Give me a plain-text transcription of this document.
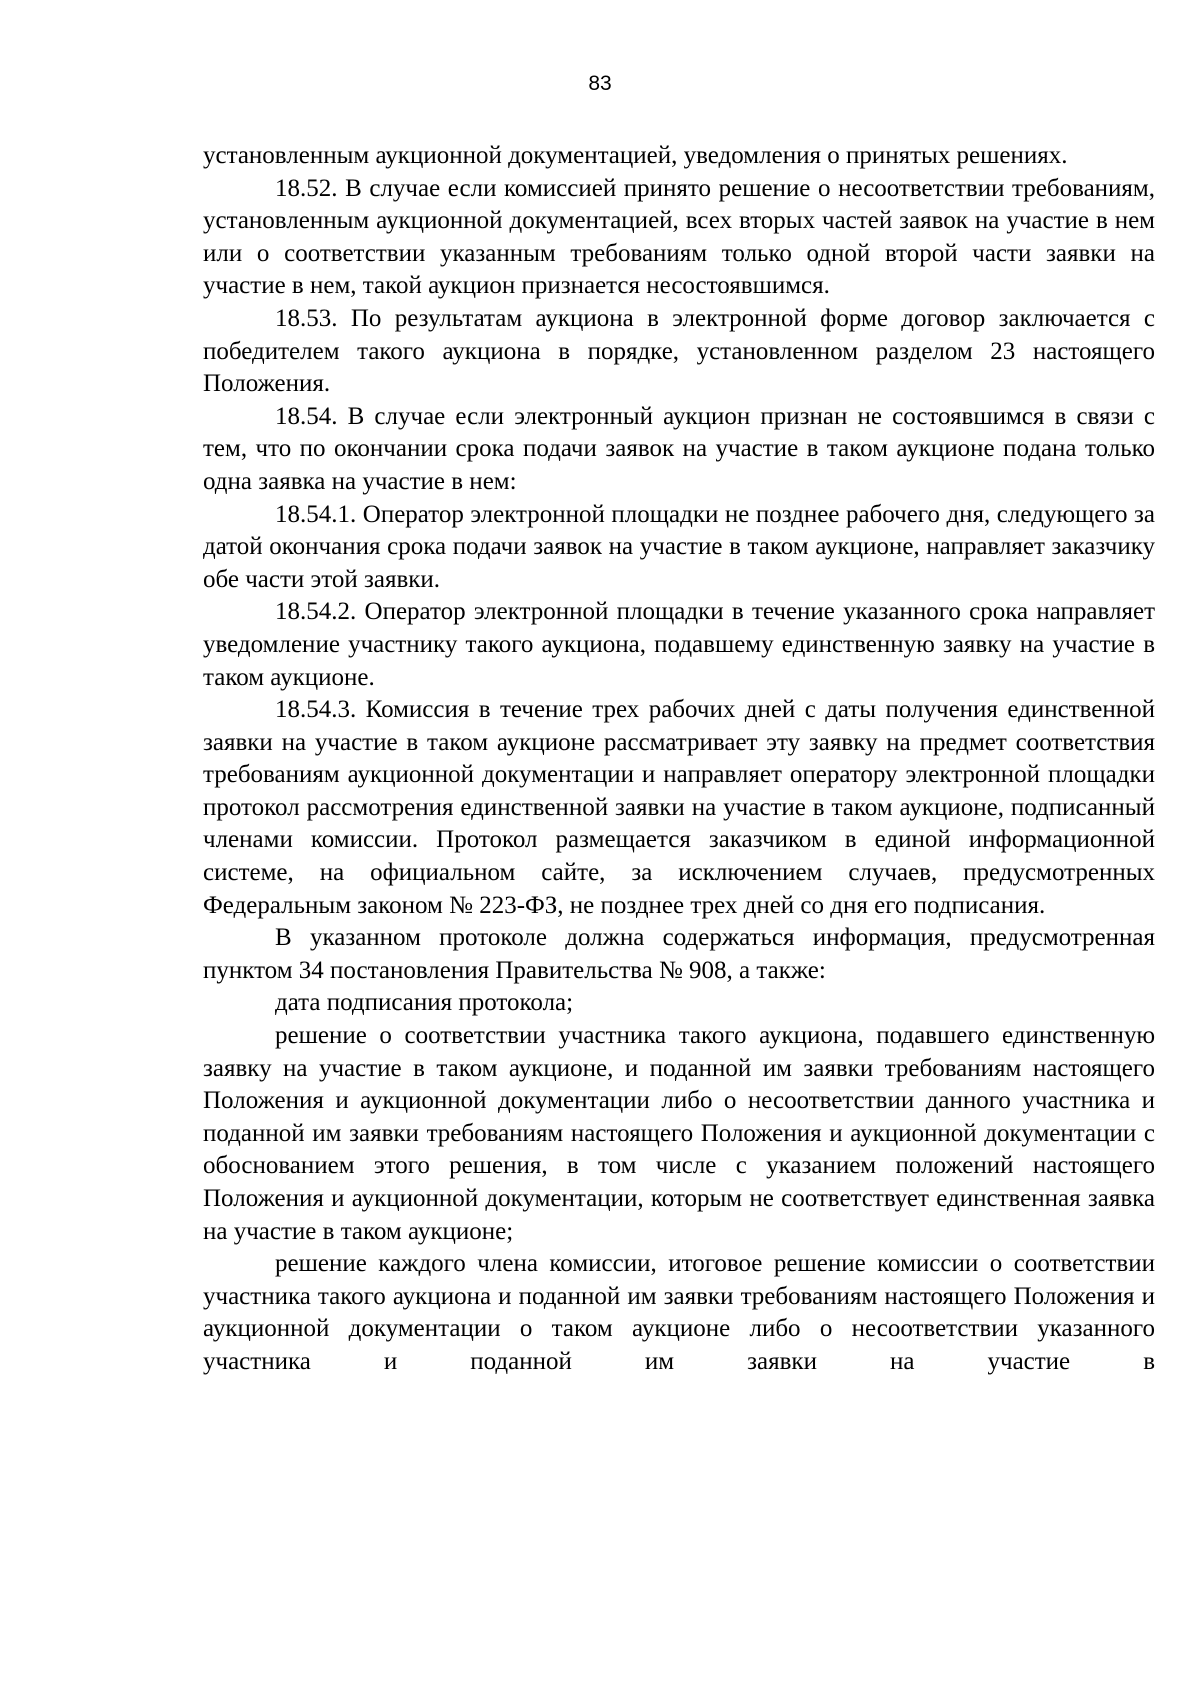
83

установленным аукционной документацией, уведомления о принятых решениях.

18.52. В случае если комиссией принято решение о несоответствии требованиям, установленным аукционной документацией, всех вторых частей заявок на участие в нем или о соответствии указанным требованиям только одной второй части заявки на участие в нем, такой аукцион признается несостоявшимся.

18.53. По результатам аукциона в электронной форме договор заключается с победителем такого аукциона в порядке, установленном разделом 23 настоящего Положения.

18.54. В случае если электронный аукцион признан не состоявшимся в связи с тем, что по окончании срока подачи заявок на участие в таком аукционе подана только одна заявка на участие в нем:

18.54.1. Оператор электронной площадки не позднее рабочего дня, следующего за датой окончания срока подачи заявок на участие в таком аукционе, направляет заказчику обе части этой заявки.

18.54.2. Оператор электронной площадки в течение указанного срока направляет уведомление участнику такого аукциона, подавшему единственную заявку на участие в таком аукционе.

18.54.3. Комиссия в течение трех рабочих дней с даты получения единственной заявки на участие в таком аукционе рассматривает эту заявку на предмет соответствия требованиям аукционной документации и направляет оператору электронной площадки протокол рассмотрения единственной заявки на участие в таком аукционе, подписанный членами комиссии. Протокол размещается заказчиком в единой информационной системе, на официальном сайте, за исключением случаев, предусмотренных Федеральным законом № 223-ФЗ, не позднее трех дней со дня его подписания.

В указанном протоколе должна содержаться информация, предусмотренная пунктом 34 постановления Правительства № 908, а также:

дата подписания протокола;

решение о соответствии участника такого аукциона, подавшего единственную заявку на участие в таком аукционе, и поданной им заявки требованиям настоящего Положения и аукционной документации либо о несоответствии данного участника и поданной им заявки требованиям настоящего Положения и аукционной документации с обоснованием этого решения, в том числе с указанием положений настоящего Положения и аукционной документации, которым не соответствует единственная заявка на участие в таком аукционе;

решение каждого члена комиссии, итоговое решение комиссии о соответствии участника такого аукциона и поданной им заявки требованиям настоящего Положения и аукционной документации о таком аукционе либо о несоответствии указанного участника и поданной им заявки на участие в
